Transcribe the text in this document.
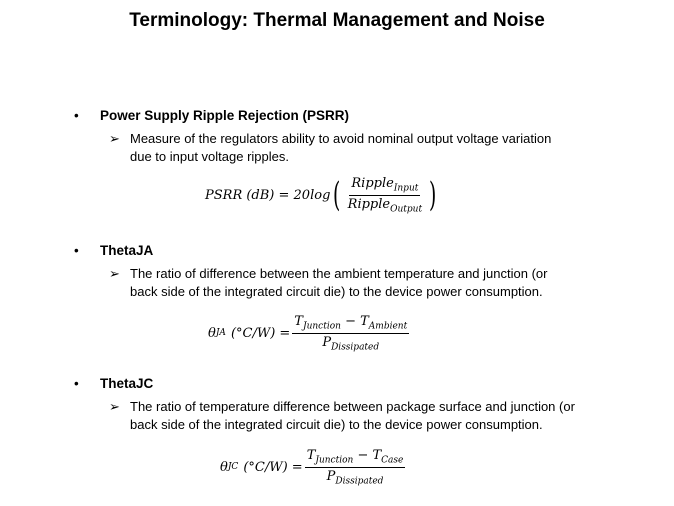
Terminology: Thermal Management and Noise
• Power Supply Ripple Rejection (PSRR)
➢ Measure of the regulators ability to avoid nominal output voltage variation
due to input voltage ripples.
PSRR (dB) = 20log ( $\frac{Ripple_{Input}}{Ripple_{Output}}$ )
• ThetaJA
➢ The ratio of difference between the ambient temperature and junction (or
back side of the integrated circuit die) to the device power consumption.
θ JA $(^\circ C/W) = \frac{T_{Junction} - T_{Ambient}}{P_{Dissipated}}$
• ThetaJC
➢ The ratio of temperature difference between package surface and junction (or
back side of the integrated circuit die) to the device power consumption.
θ JC $(^\circ C/W) = \frac{T_{Junction} - T_{Case}}{P_{Dissipated}}$
